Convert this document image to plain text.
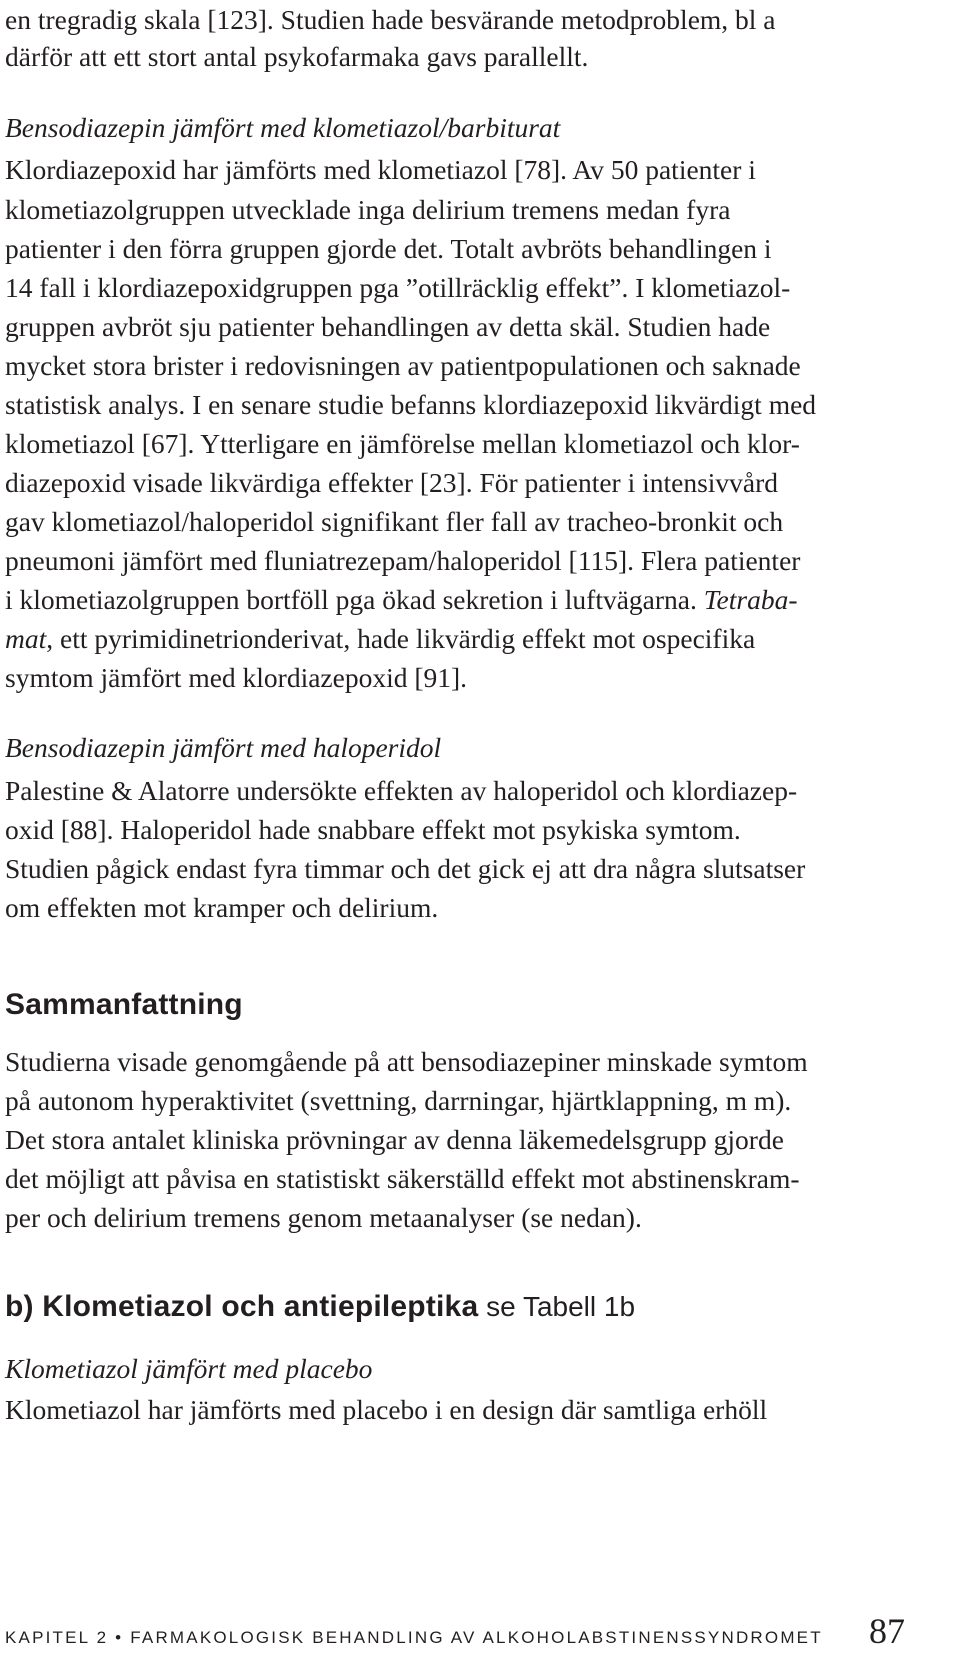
en tregradig skala [123]. Studien hade besvärande metodproblem, bl a
därför att ett stort antal psykofarmaka gavs parallellt.
Bensodiazepin jämfört med klometiazol/barbiturat
Klordiazepoxid har jämförts med klometiazol [78]. Av 50 patienter i
klometiazolgruppen utvecklade inga delirium tremens medan fyra
patienter i den förra gruppen gjorde det. Totalt avbröts behandlingen i
14 fall i klordiazepoxidgruppen pga ”otillräcklig effekt”. I klometiazol-
gruppen avbröt sju patienter behandlingen av detta skäl. Studien hade
mycket stora brister i redovisningen av patientpopulationen och saknade
statistisk analys. I en senare studie befanns klordiazepoxid likvärdigt med
klometiazol [67]. Ytterligare en jämförelse mellan klometiazol och klor-
diazepoxid visade likvärdiga effekter [23]. För patienter i intensivvård
gav klometiazol/haloperidol signifikant fler fall av tracheo-bronkit och
pneumoni jämfört med fluniatrezepam/haloperidol [115]. Flera patienter
i klometiazolgruppen bortföll pga ökad sekretion i luftvägarna. Tetraba-
mat, ett pyrimidinetrionderivat, hade likvärdig effekt mot ospecifika
symtom jämfört med klordiazepoxid [91].
Bensodiazepin jämfört med haloperidol
Palestine & Alatorre undersökte effekten av haloperidol och klordiazep-
oxid [88]. Haloperidol hade snabbare effekt mot psykiska symtom.
Studien pågick endast fyra timmar och det gick ej att dra några slutsatser
om effekten mot kramper och delirium.
Sammanfattning
Studierna visade genomgående på att bensodiazepiner minskade symtom
på autonom hyperaktivitet (svettning, darrningar, hjärtklappning, m m).
Det stora antalet kliniska prövningar av denna läkemedelsgrupp gjorde
det möjligt att påvisa en statistiskt säkerställd effekt mot abstinenskram-
per och delirium tremens genom metaanalyser (se nedan).
b) Klometiazol och antiepileptika se Tabell 1b
Klometiazol jämfört med placebo
Klometiazol har jämförts med placebo i en design där samtliga erhöll
KAPITEL 2 • FARMAKOLOGISK BEHANDLING AV ALKOHOLABSTINENSSYNDROMET 87
